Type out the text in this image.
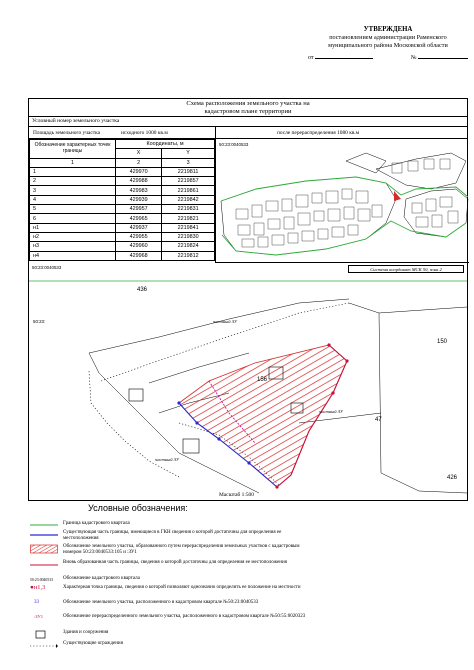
УТВЕРЖДЕНА
постановлением администрации Раменского
муниципального района Московской области
от	№
Схема расположения земельного участка на
кадастровом плане территории
Условный номер земельного участка
Площадь земельного участка	исходного 1000 кв.м	после перераспределения 1080 кв.м
Обозначение характерных точек границы	Координаты, м	
	X	Y
1	2	3
1	429970	2219811
2	429988	2219857
3	429983	2219861
4	429939	2219842
5	429957	2219831
6	429965	2219821
н1	429937	2219841
н2	429955	2219830
н3	429960	2219824
н4	429968	2219812
50:23:0040533
50:23:0040533	Система координат МСК 50, зона 2
436
150
156
47
426
частный ЗУ
частный ЗУ
частный ЗУ
50:23:
Масштаб 1:500
Условные обозначения:
Граница кадастрового квартала
Существующая часть границы, имеющиеся в ГКН сведения о которой достаточны для определения ее местоположения
Обозначение земельного участка, образованного путем перераспределения земельных участков с кадастровым номером 50:23:0040533:105 и :ЗУ1
Вновь образованная часть границы, сведения о которой достаточны для определения ее местоположения
50:23:0040533	Обозначение кадастрового квартала
●н1,3	Характерная точка границы, сведения о которой позволяют однозначно определить ее положение на местности
33	Обозначение земельного участка, расположенного в кадастровом квартале №50:23:0040533
:ЗУ1	Обозначение перераспределенного земельного участка, расположенного в кадастровом квартале №50:55:0020323
Здания и сооружения
Существующие ограждения
